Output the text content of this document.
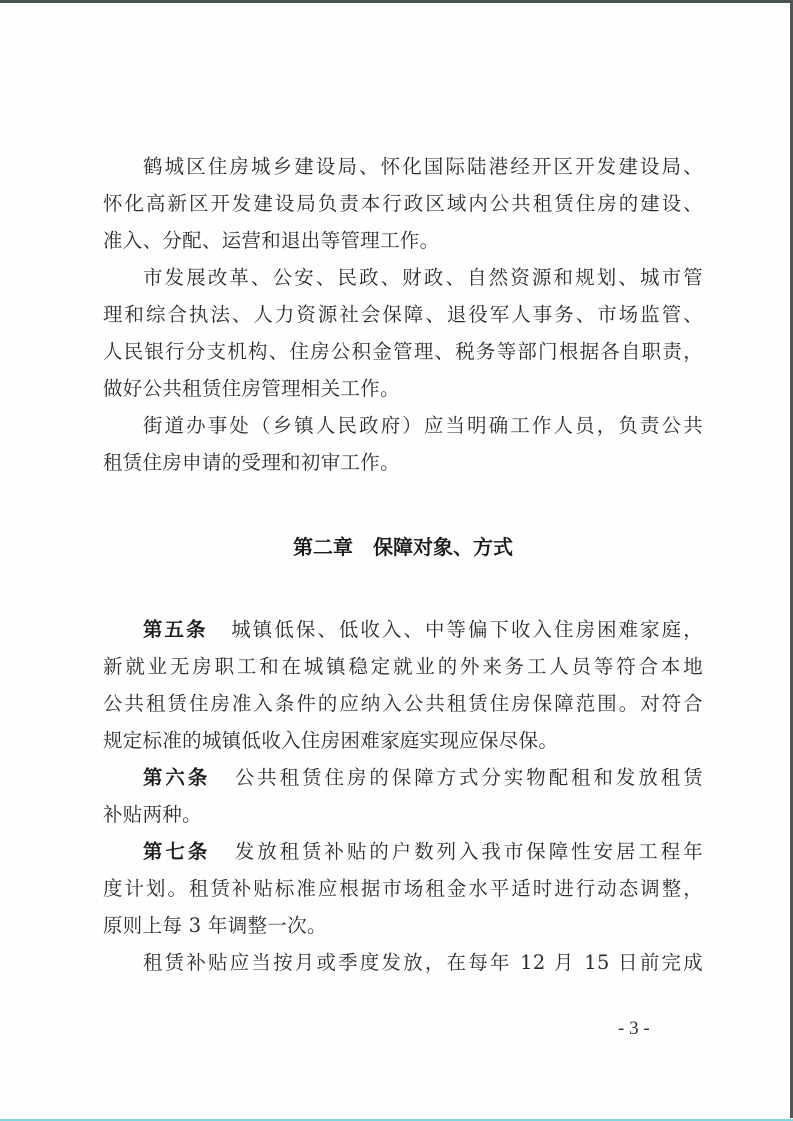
鹤城区住房城乡建设局、怀化国际陆港经开区开发建设局、
怀化高新区开发建设局负责本行政区域内公共租赁住房的建设、
准入、分配、运营和退出等管理工作。
市发展改革、公安、民政、财政、自然资源和规划、城市管
理和综合执法、人力资源社会保障、退役军人事务、市场监管、
人民银行分支机构、住房公积金管理、税务等部门根据各自职责，
做好公共租赁住房管理相关工作。
街道办事处（乡镇人民政府）应当明确工作人员，负责公共
租赁住房申请的受理和初审工作。
第二章　保障对象、方式
第五条 城镇低保、低收入、中等偏下收入住房困难家庭，
新就业无房职工和在城镇稳定就业的外来务工人员等符合本地
公共租赁住房准入条件的应纳入公共租赁住房保障范围。对符合
规定标准的城镇低收入住房困难家庭实现应保尽保。
第六条 公共租赁住房的保障方式分实物配租和发放租赁
补贴两种。
第七条 发放租赁补贴的户数列入我市保障性安居工程年
度计划。租赁补贴标准应根据市场租金水平适时进行动态调整，
原则上每 3 年调整一次。
租赁补贴应当按月或季度发放，在每年 12 月 15 日前完成
- 3 -
